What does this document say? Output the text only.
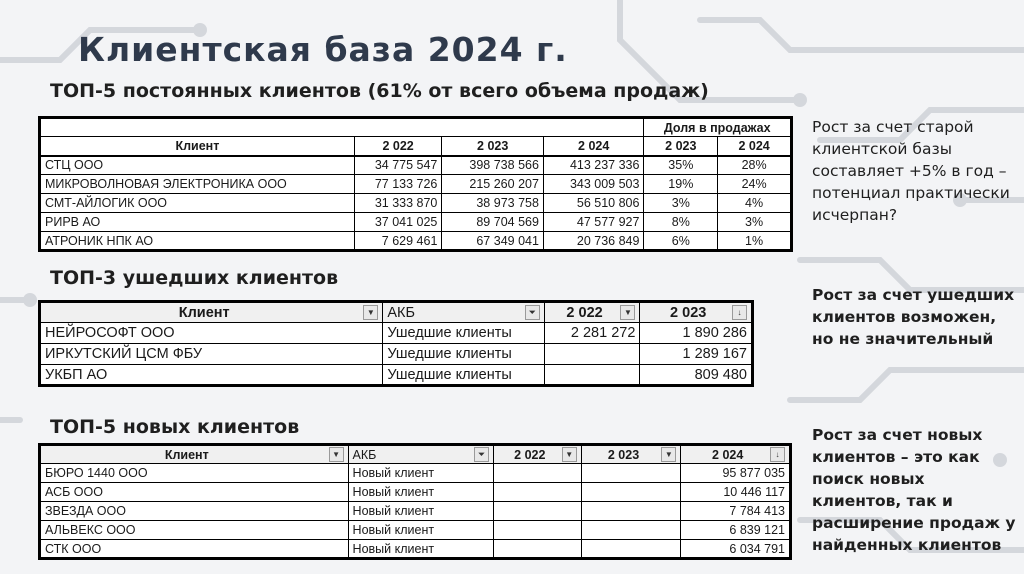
Клиентская база 2024 г.
ТОП-5 постоянных клиентов (61% от всего объема продаж)
				Доля в продажах	
Клиент	2 022	2 023	2 024	2 023	2 024
СТЦ ООО	34 775 547	398 738 566	413 237 336	35%	28%
МИКРОВОЛНОВАЯ ЭЛЕКТРОНИКА ООО	77 133 726	215 260 207	343 009 503	19%	24%
СМТ-АЙЛОГИК ООО	31 333 870	38 973 758	56 510 806	3%	4%
РИРВ АО	37 041 025	89 704 569	47 577 927	8%	3%
АТРОНИК НПК АО	7 629 461	67 349 041	20 736 849	6%	1%
Рост за счет старой клиентской базы составляет +5% в год – потенциал практически исчерпан?
ТОП-3 ушедших клиентов
Клиент ▼	АКБ ⏷	2 022 ▼	2 023 ↓

НЕЙРОСОФТ ООО	Ушедшие клиенты	2 281 272	1 890 286
ИРКУТСКИЙ ЦСМ ФБУ	Ушедшие клиенты		1 289 167
УКБП АО	Ушедшие клиенты		809 480
Рост за счет ушедших клиентов возможен, но не значительный
ТОП-5 новых клиентов
Клиент ▼	АКБ ⏷	2 022 ▼	2 023 ▼	2 024 ↓

БЮРО 1440 ООО	Новый клиент			95 877 035
АСБ ООО	Новый клиент			10 446 117
ЗВЕЗДА ООО	Новый клиент			7 784 413
АЛЬВЕКС ООО	Новый клиент			6 839 121
СТК ООО	Новый клиент			6 034 791
Рост за счет новых клиентов – это как поиск новых клиентов, так и расширение продаж у найденных клиентов
